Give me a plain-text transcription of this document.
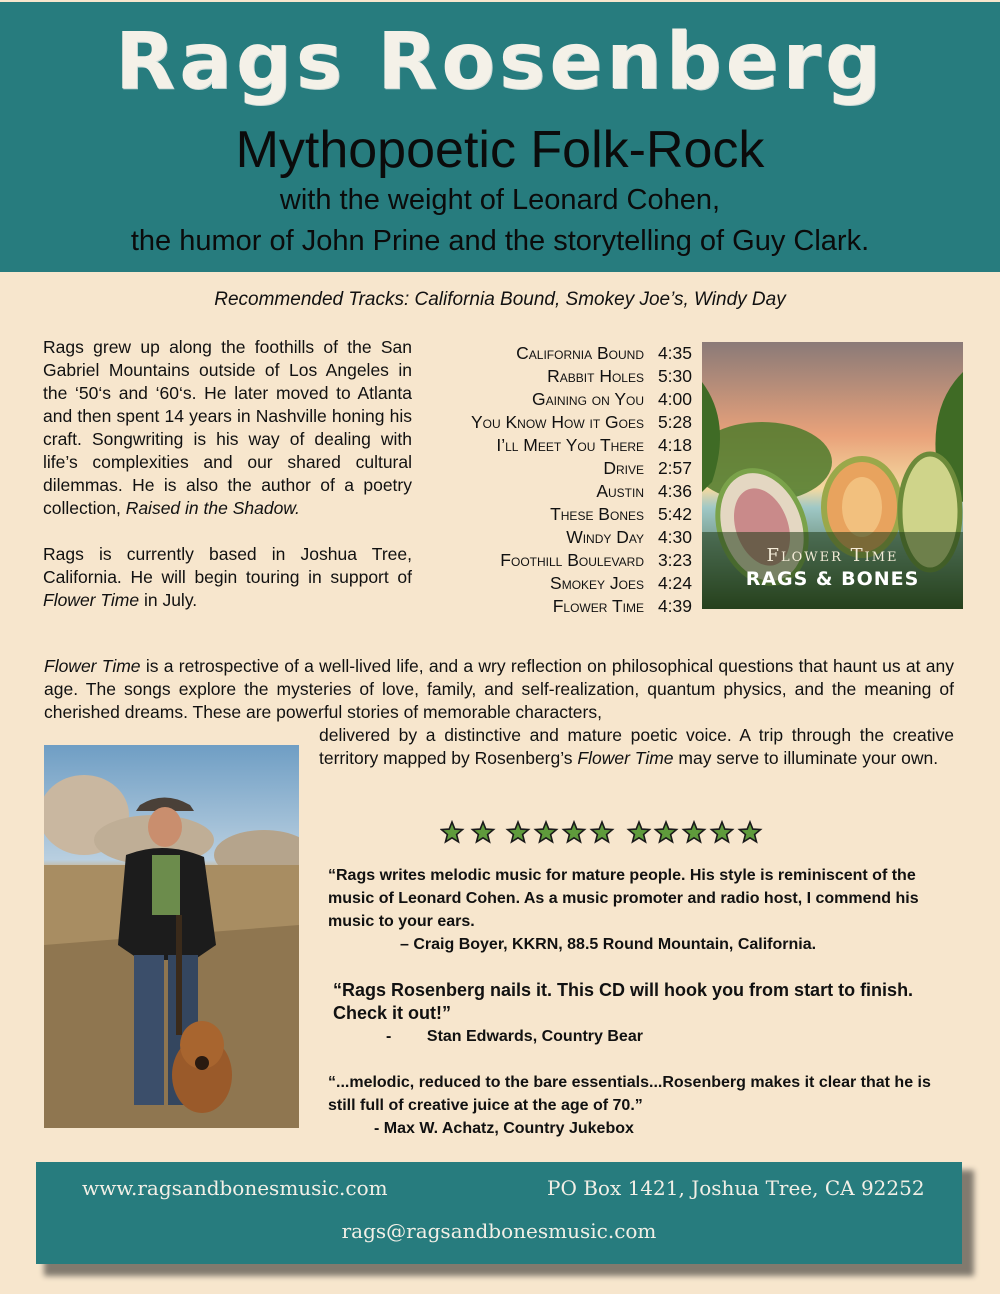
Rags Rosenberg
Mythopoetic Folk-Rock
with the weight of Leonard Cohen,
the humor of John Prine and the storytelling of Guy Clark.
Recommended Tracks: California Bound, Smokey Joe’s, Windy Day

Rags grew up along the foothills of the San Gabriel Mountains outside of Los Angeles in the ‘50‘s and ‘60‘s. He later moved to Atlanta and then spent 14 years in Nashville honing his craft. Songwriting is his way of dealing with life’s complexities and our shared cultural dilemmas. He is also the author of a poetry collection, Raised in the Shadow.

Rags is currently based in Joshua Tree, California. He will begin touring in support of Flower Time in July.

California Bound 4:35
Rabbit Holes 5:30
Gaining on You 4:00
You Know How it Goes 5:28
I’ll Meet You There 4:18
Drive 2:57
Austin 4:36
These Bones 5:42
Windy Day 4:30
Foothill Boulevard 3:23
Smokey Joes 4:24
Flower Time 4:39
Flower Time
RAGS & BONES
Flower Time is a retrospective of a well-lived life, and a wry reflection on philosophical questions that haunt us at any age. The songs explore the mysteries of love, family, and self-realization, quantum physics, and the meaning of cherished dreams. These are powerful stories of memorable characters,
delivered by a distinctive and mature poetic voice. A trip through the creative territory mapped by Rosenberg’s Flower Time may serve to illuminate your own.

“Rags writes melodic music for mature people. His style is reminiscent of the music of Leonard Cohen. As a music promoter and radio host, I commend his music to your ears.

– Craig Boyer, KKRN, 88.5 Round Mountain, California.

“Rags Rosenberg nails it. This CD will hook you from start to finish. Check it out!”

-        Stan Edwards, Country Bear

“...melodic, reduced to the bare essentials...Rosenberg makes it clear that he is still full of creative juice at the age of 70.”

- Max W. Achatz, Country Jukebox

www.ragsandbonesmusic.com	PO Box 1421, Joshua Tree, CA 92252
rags@ragsandbonesmusic.com
